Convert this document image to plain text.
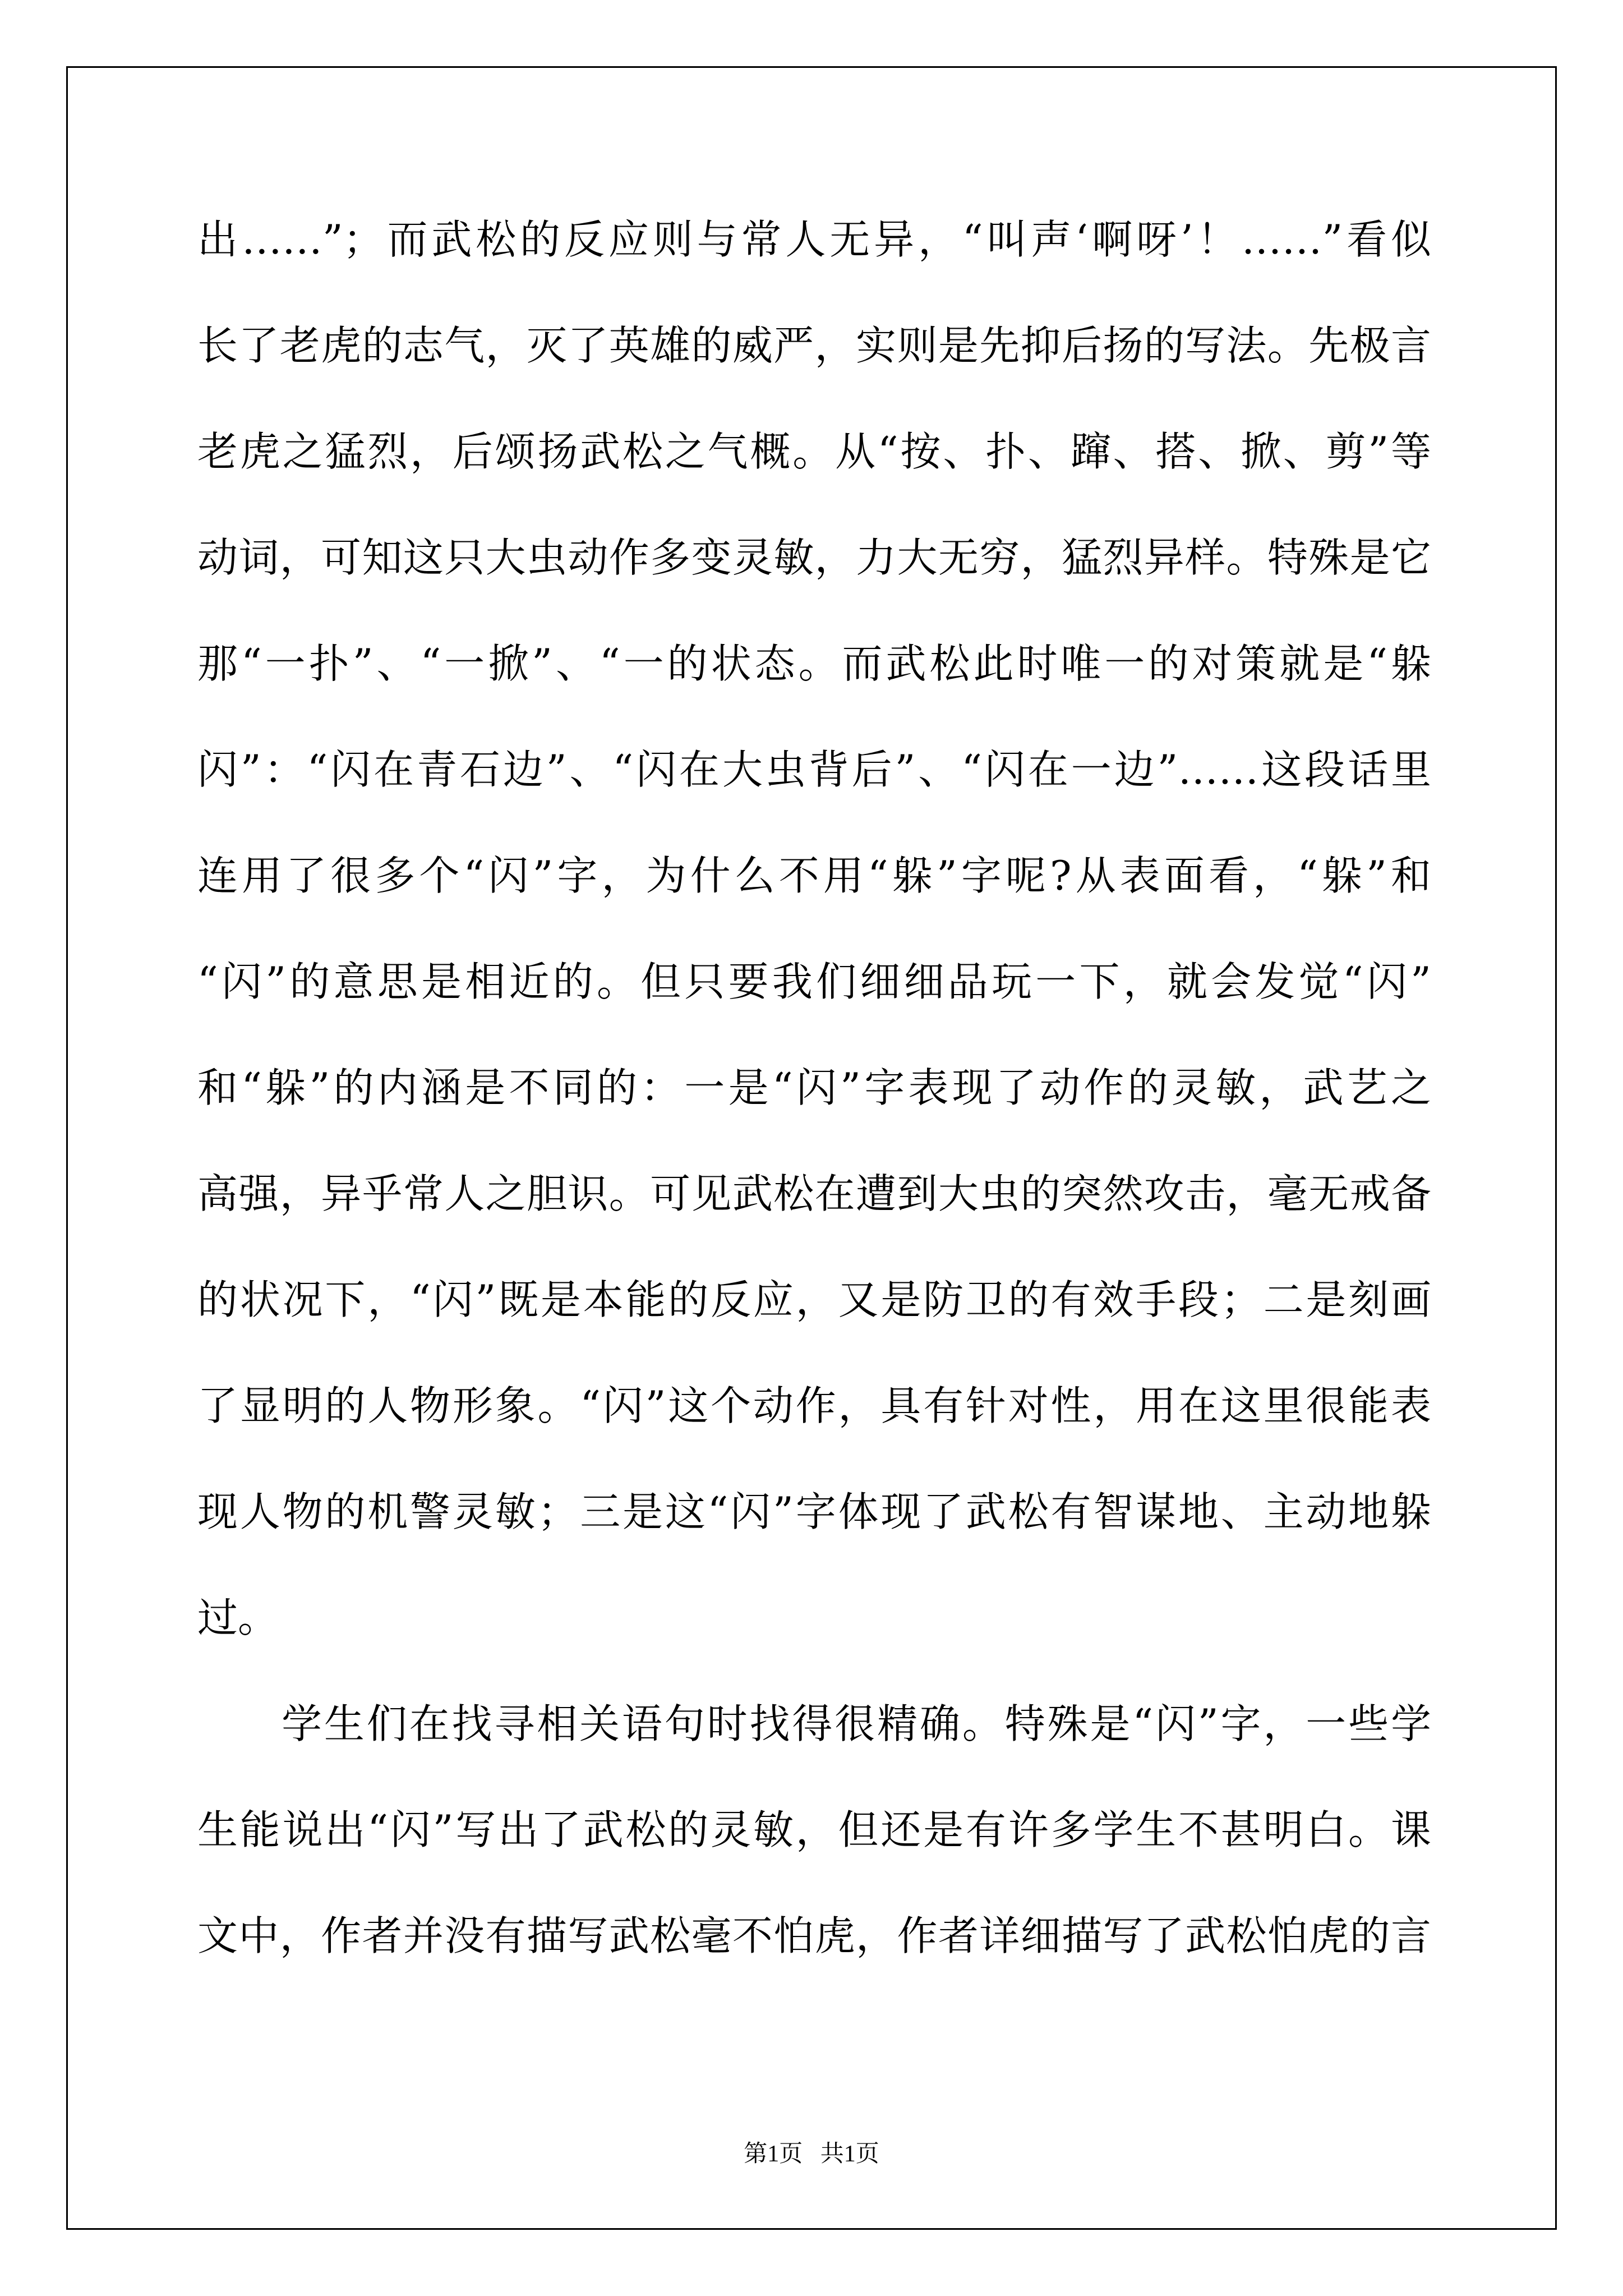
出……”；而武松的反应则与常人无异，“叫声‘啊呀’！……”看似
长了老虎的志气，灭了英雄的威严，实则是先抑后扬的写法。先极言
老虎之猛烈，后颂扬武松之气概。从“按、扑、蹿、搭、掀、剪”等
动词，可知这只大虫动作多变灵敏，力大无穷，猛烈异样。特殊是它
那“一扑”、“一掀”、“一的状态。而武松此时唯一的对策就是“躲
闪”：“闪在青石边”、“闪在大虫背后”、“闪在一边”……这段话里
连用了很多个“闪”字，为什么不用“躲”字呢?从表面看，“躲”和
“闪”的意思是相近的。但只要我们细细品玩一下，就会发觉“闪”
和“躲”的内涵是不同的：一是“闪”字表现了动作的灵敏，武艺之
高强，异乎常人之胆识。可见武松在遭到大虫的突然攻击，毫无戒备
的状况下，“闪”既是本能的反应，又是防卫的有效手段；二是刻画
了显明的人物形象。“闪”这个动作，具有针对性，用在这里很能表
现人物的机警灵敏；三是这“闪”字体现了武松有智谋地、主动地躲
过。
学生们在找寻相关语句时找得很精确。特殊是“闪”字，一些学
生能说出“闪”写出了武松的灵敏，但还是有许多学生不甚明白。课
文中，作者并没有描写武松毫不怕虎，作者详细描写了武松怕虎的言
第1页   共1页
